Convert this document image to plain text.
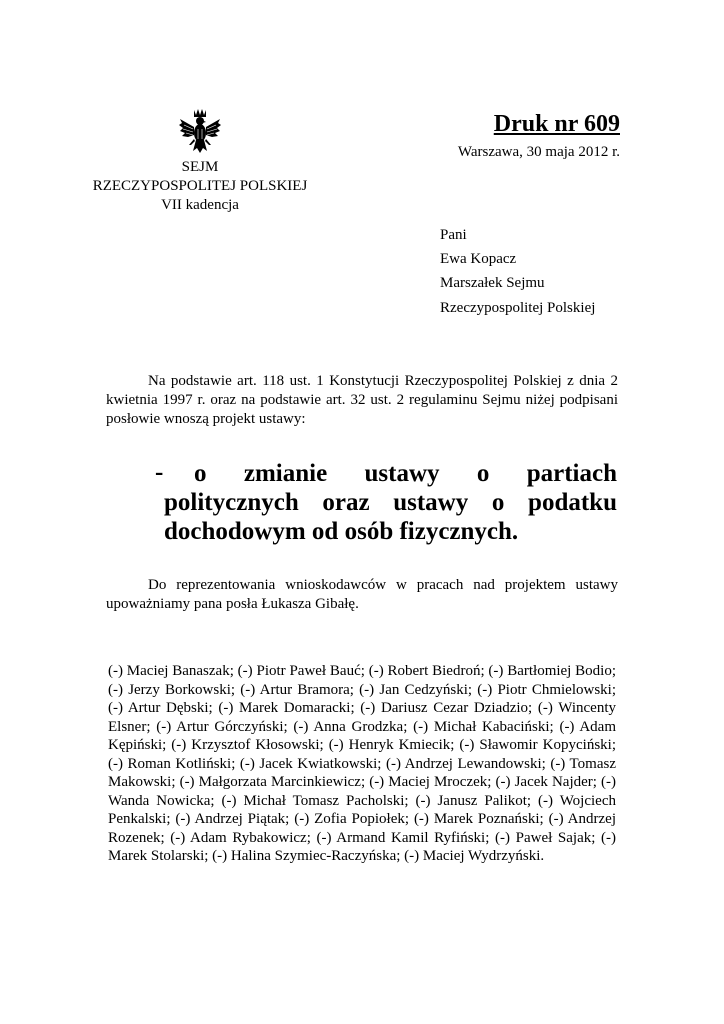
SEJM
RZECZYPOSPOLITEJ POLSKIEJ
VII kadencja
Druk nr 609
Warszawa, 30 maja 2012 r.
Pani
Ewa Kopacz
Marszałek Sejmu
Rzeczypospolitej Polskiej
Na podstawie art. 118 ust. 1 Konstytucji Rzeczypospolitej Polskiej z dnia 2 kwietnia 1997 r. oraz na podstawie art. 32 ust. 2 regulaminu Sejmu niżej podpisani posłowie wnoszą projekt ustawy:
-	o zmianie ustawy o partiach politycznych oraz ustawy o podatku dochodowym od osób fizycznych.
Do reprezentowania wnioskodawców w pracach nad projektem ustawy upoważniamy pana posła Łukasza Gibałę.
(-) Maciej Banaszak; (-) Piotr Paweł Bauć; (-) Robert Biedroń; (-) Bartłomiej Bodio; (-) Jerzy Borkowski; (-) Artur Bramora; (-) Jan Cedzyński; (-) Piotr Chmielowski; (-) Artur Dębski; (-) Marek Domaracki; (-) Dariusz Cezar Dziadzio; (-) Wincenty Elsner; (-) Artur Górczyński; (-) Anna Grodzka; (-) Michał Kabaciński; (-) Adam Kępiński; (-) Krzysztof Kłosowski; (-) Henryk Kmiecik; (-) Sławomir Kopyciński; (-) Roman Kotliński; (-) Jacek Kwiatkowski; (-) Andrzej Lewandowski; (-) Tomasz Makowski; (-) Małgorzata Marcinkiewicz; (-) Maciej Mroczek; (-) Jacek Najder; (-) Wanda Nowicka; (-) Michał Tomasz Pacholski; (-) Janusz Palikot; (-) Wojciech Penkalski; (-) Andrzej Piątak; (-) Zofia Popiołek; (-) Marek Poznański; (-) Andrzej Rozenek; (-) Adam Rybakowicz; (-) Armand Kamil Ryfiński; (-) Paweł Sajak; (-) Marek Stolarski; (-) Halina Szymiec-Raczyńska; (-) Maciej Wydrzyński.
